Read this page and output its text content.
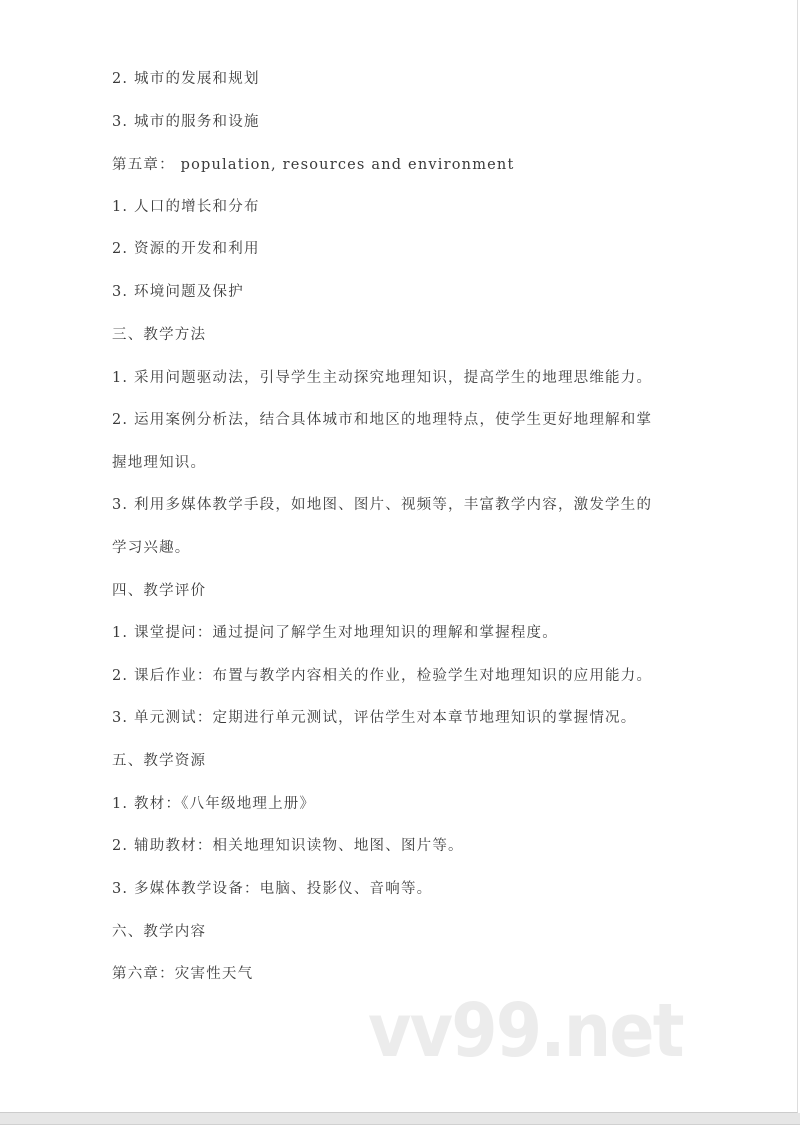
vv99.net
2. 城市的发展和规划
3. 城市的服务和设施
第五章： population, resources and environment
1. 人口的增长和分布
2. 资源的开发和利用
3. 环境问题及保护
三、教学方法
1. 采用问题驱动法，引导学生主动探究地理知识，提高学生的地理思维能力。
2. 运用案例分析法，结合具体城市和地区的地理特点，使学生更好地理解和掌
握地理知识。
3. 利用多媒体教学手段，如地图、图片、视频等，丰富教学内容，激发学生的
学习兴趣。
四、教学评价
1. 课堂提问：通过提问了解学生对地理知识的理解和掌握程度。
2. 课后作业：布置与教学内容相关的作业，检验学生对地理知识的应用能力。
3. 单元测试：定期进行单元测试，评估学生对本章节地理知识的掌握情况。
五、教学资源
1. 教材：《八年级地理上册》
2. 辅助教材：相关地理知识读物、地图、图片等。
3. 多媒体教学设备：电脑、投影仪、音响等。
六、教学内容
第六章：灾害性天气
